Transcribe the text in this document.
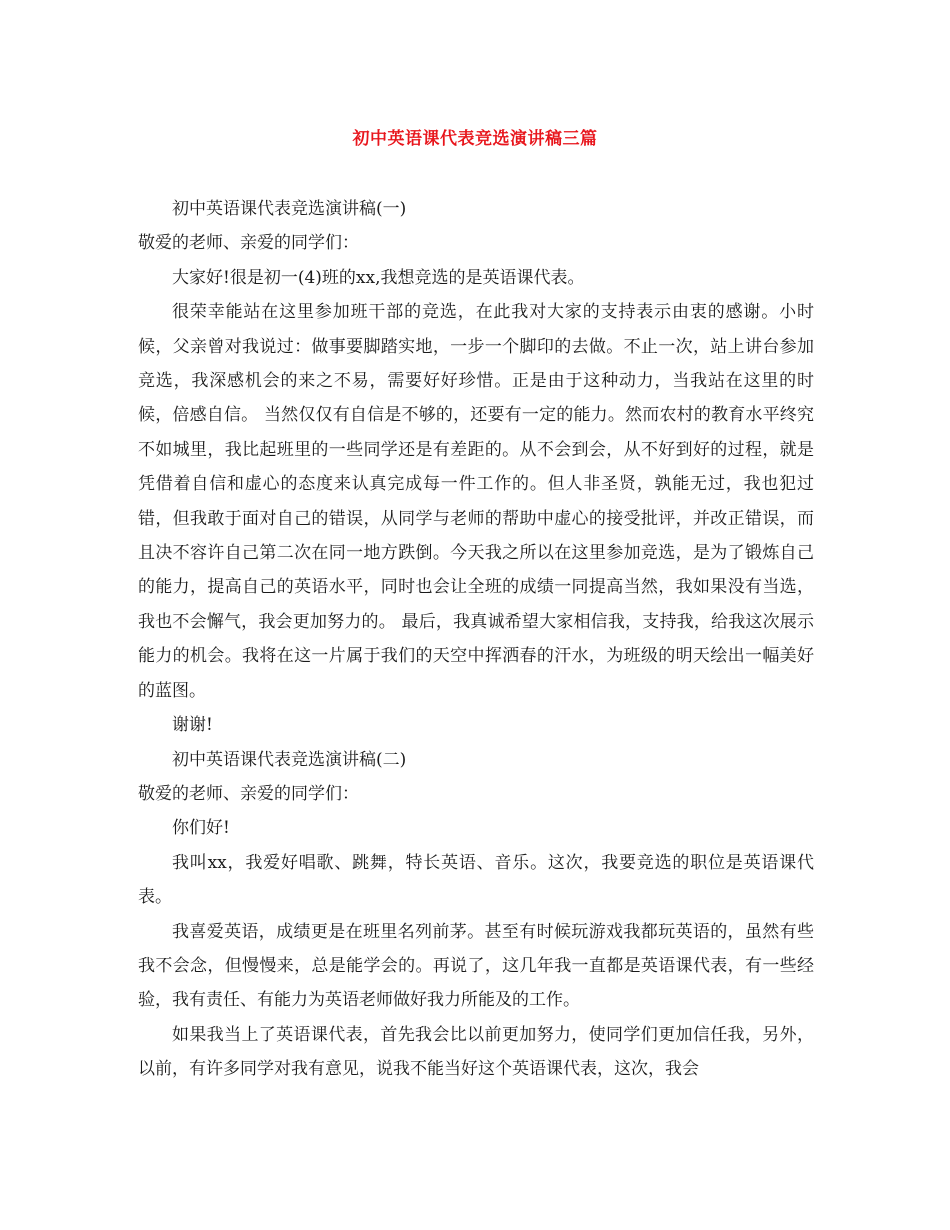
初中英语课代表竞选演讲稿三篇

初中英语课代表竞选演讲稿(一)

敬爱的老师、亲爱的同学们：

大家好!很是初一(4)班的xx,我想竞选的是英语课代表。

很荣幸能站在这里参加班干部的竞选，在此我对大家的支持表示由衷的感谢。小时候，父亲曾对我说过：做事要脚踏实地，一步一个脚印的去做。不止一次，站上讲台参加竞选，我深感机会的来之不易，需要好好珍惜。正是由于这种动力，当我站在这里的时候，倍感自信。 当然仅仅有自信是不够的，还要有一定的能力。然而农村的教育水平终究不如城里，我比起班里的一些同学还是有差距的。从不会到会，从不好到好的过程，就是凭借着自信和虚心的态度来认真完成每一件工作的。但人非圣贤，孰能无过，我也犯过错，但我敢于面对自己的错误，从同学与老师的帮助中虚心的接受批评，并改正错误，而且决不容许自己第二次在同一地方跌倒。今天我之所以在这里参加竞选，是为了锻炼自己的能力，提高自己的英语水平，同时也会让全班的成绩一同提高当然，我如果没有当选，我也不会懈气，我会更加努力的。 最后，我真诚希望大家相信我，支持我，给我这次展示能力的机会。我将在这一片属于我们的天空中挥洒春的汗水，为班级的明天绘出一幅美好的蓝图。

谢谢!

初中英语课代表竞选演讲稿(二)

敬爱的老师、亲爱的同学们：

你们好!

我叫xx，我爱好唱歌、跳舞，特长英语、音乐。这次，我要竞选的职位是英语课代表。

我喜爱英语，成绩更是在班里名列前茅。甚至有时候玩游戏我都玩英语的，虽然有些我不会念，但慢慢来，总是能学会的。再说了，这几年我一直都是英语课代表，有一些经验，我有责任、有能力为英语老师做好我力所能及的工作。

如果我当上了英语课代表，首先我会比以前更加努力，使同学们更加信任我，另外，以前，有许多同学对我有意见，说我不能当好这个英语课代表，这次，我会
